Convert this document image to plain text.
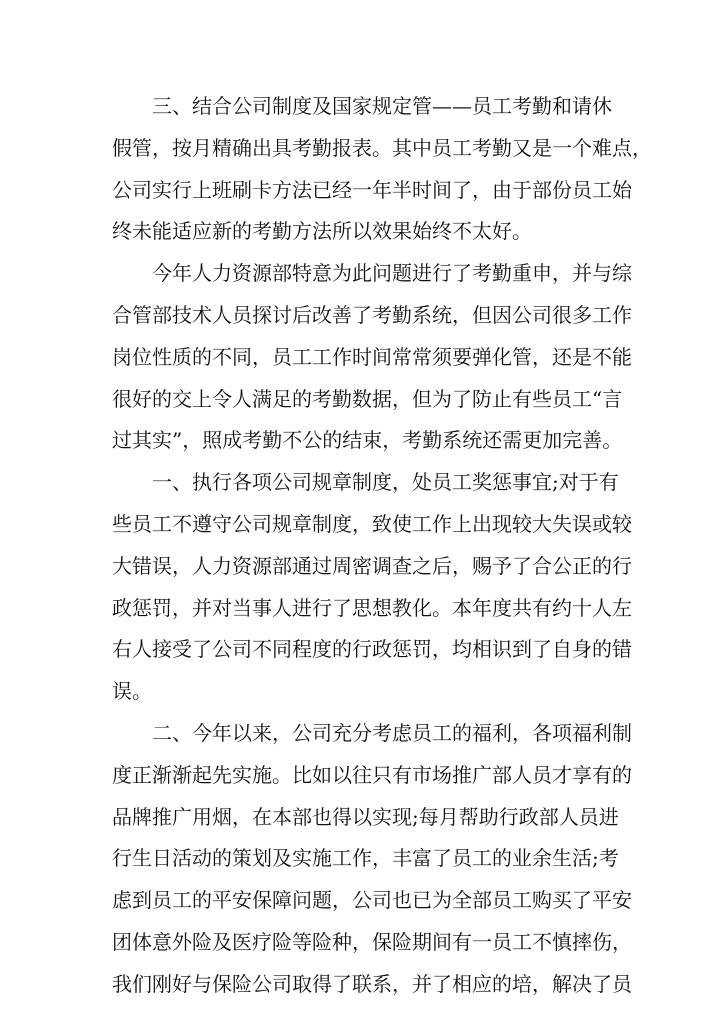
三、结合公司制度及国家规定管——员工考勤和请休
假管，按月精确出具考勤报表。其中员工考勤又是一个难点，
公司实行上班刷卡方法已经一年半时间了，由于部份员工始
终未能适应新的考勤方法所以效果始终不太好。
今年人力资源部特意为此问题进行了考勤重申，并与综
合管部技术人员探讨后改善了考勤系统，但因公司很多工作
岗位性质的不同，员工工作时间常常须要弹化管，还是不能
很好的交上令人满足的考勤数据，但为了防止有些员工“言
过其实”，照成考勤不公的结束，考勤系统还需更加完善。
一、执行各项公司规章制度，处员工奖惩事宜;对于有
些员工不遵守公司规章制度，致使工作上出现较大失误或较
大错误，人力资源部通过周密调查之后，赐予了合公正的行
政惩罚，并对当事人进行了思想教化。本年度共有约十人左
右人接受了公司不同程度的行政惩罚，均相识到了自身的错
误。
二、今年以来，公司充分考虑员工的福利，各项福利制
度正渐渐起先实施。比如以往只有市场推广部人员才享有的
品牌推广用烟，在本部也得以实现;每月帮助行政部人员进
行生日活动的策划及实施工作，丰富了员工的业余生活;考
虑到员工的平安保障问题，公司也已为全部员工购买了平安
团体意外险及医疗险等险种，保险期间有一员工不慎摔伤，
我们刚好与保险公司取得了联系，并了相应的培，解决了员
